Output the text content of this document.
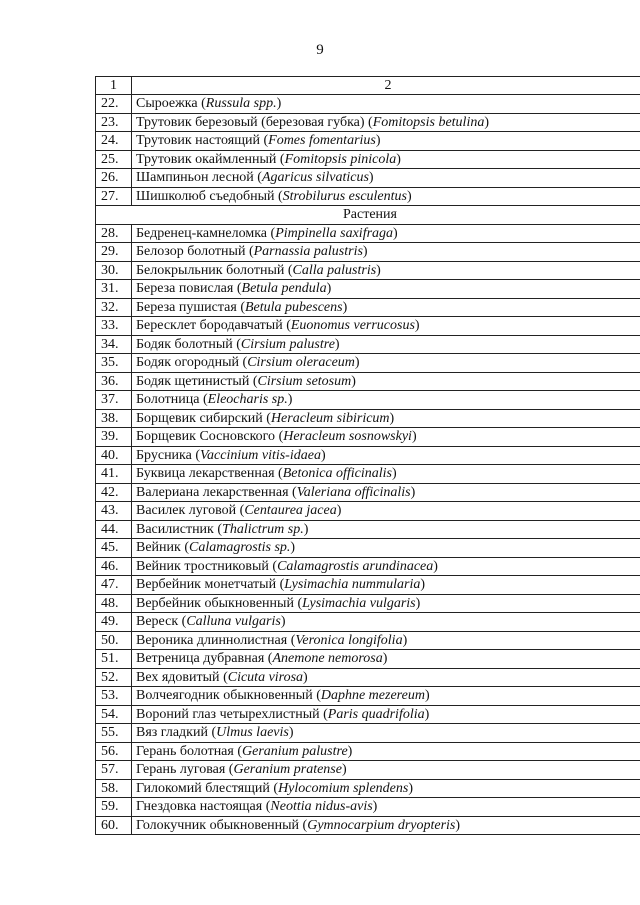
9
1	2
22.	Сыроежка (Russula spp.)
23.	Трутовик березовый (березовая губка) (Fomitopsis betulina)
24.	Трутовик настоящий (Fomes fomentarius)
25.	Трутовик окаймленный (Fomitopsis pinicola)
26.	Шампиньон лесной (Agaricus silvaticus)
27.	Шишколюб съедобный (Strobilurus esculentus)
Растения	
28.	Бедренец-камнеломка (Pimpinella saxifraga)
29.	Белозор болотный (Parnassia palustris)
30.	Белокрыльник болотный (Calla palustris)
31.	Береза повислая (Betula pendula)
32.	Береза пушистая (Betula pubescens)
33.	Бересклет бородавчатый (Euonomus verrucosus)
34.	Бодяк болотный (Cirsium palustre)
35.	Бодяк огородный (Cirsium oleraceum)
36.	Бодяк щетинистый (Cirsium setosum)
37.	Болотница (Eleocharis sp.)
38.	Борщевик сибирский (Heracleum sibiricum)
39.	Борщевик Сосновского (Heracleum sosnowskyi)
40.	Брусника (Vaccinium vitis-idaea)
41.	Буквица лекарственная (Betonica officinalis)
42.	Валериана лекарственная (Valeriana officinalis)
43.	Василек луговой (Centaurea jacea)
44.	Василистник (Thalictrum sp.)
45.	Вейник (Calamagrostis sp.)
46.	Вейник тростниковый (Calamagrostis arundinacea)
47.	Вербейник монетчатый (Lysimachia nummularia)
48.	Вербейник обыкновенный (Lysimachia vulgaris)
49.	Вереск (Calluna vulgaris)
50.	Вероника длиннолистная (Veronica longifolia)
51.	Ветреница дубравная (Anemone nemorosa)
52.	Вех ядовитый (Cicuta virosa)
53.	Волчеягодник обыкновенный (Daphne mezereum)
54.	Вороний глаз четырехлистный (Paris quadrifolia)
55.	Вяз гладкий (Ulmus laevis)
56.	Герань болотная (Geranium palustre)
57.	Герань луговая (Geranium pratense)
58.	Гилокомий блестящий (Hylocomium splendens)
59.	Гнездовка настоящая (Neottia nidus-avis)
60.	Голокучник обыкновенный (Gymnocarpium dryopteris)
